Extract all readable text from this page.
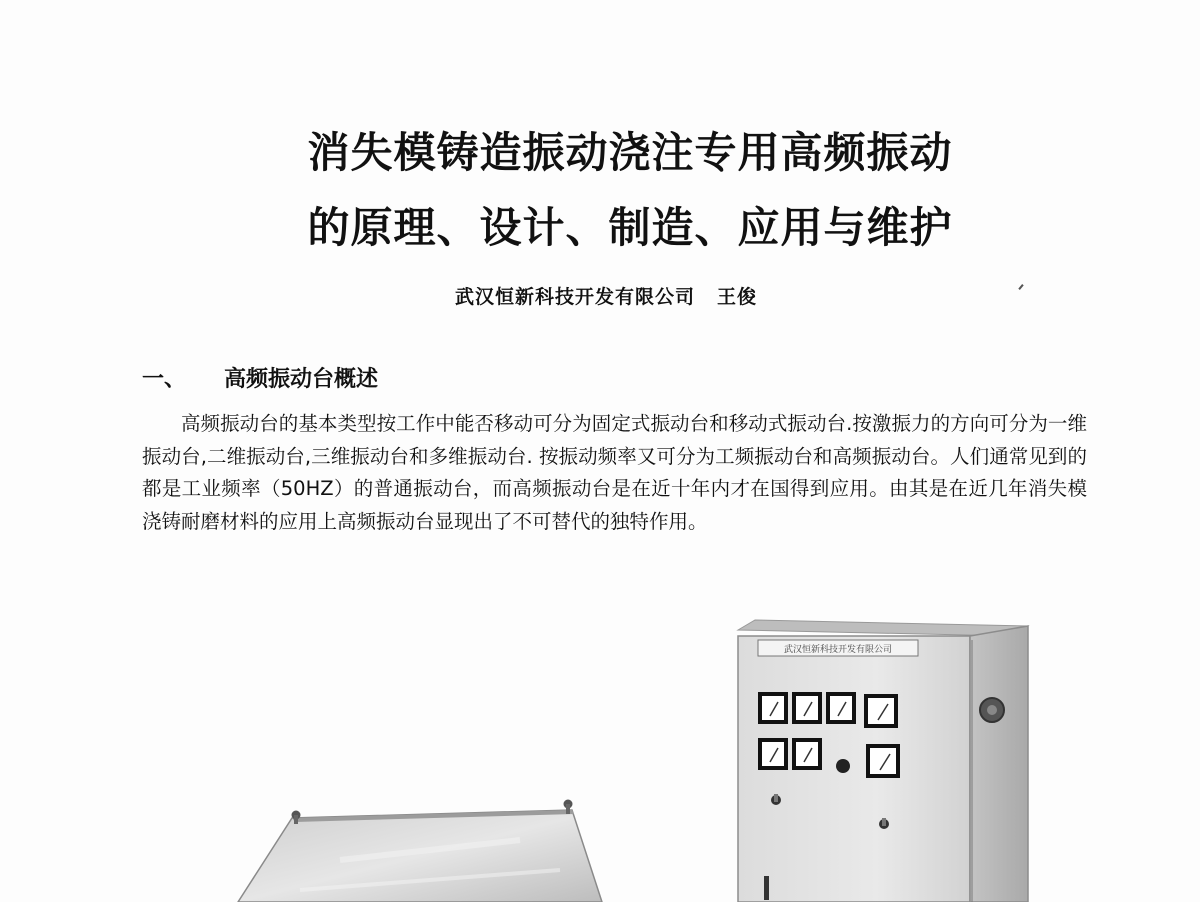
消失模铸造振动浇注专用高频振动
的原理、设计、制造、应用与维护
武汉恒新科技开发有限公司 王俊
一、 高频振动台概述
高频振动台的基本类型按工作中能否移动可分为固定式振动台和移动式振动台.按激振力的方向可分为一维振动台,二维振动台,三维振动台和多维振动台. 按振动频率又可分为工频振动台和高频振动台。人们通常见到的都是工业频率（50HZ）的普通振动台，而高频振动台是在近十年内才在国得到应用。由其是在近几年消失模浇铸耐磨材料的应用上高频振动台显现出了不可替代的独特作用。
武汉恒新科技开发有限公司
